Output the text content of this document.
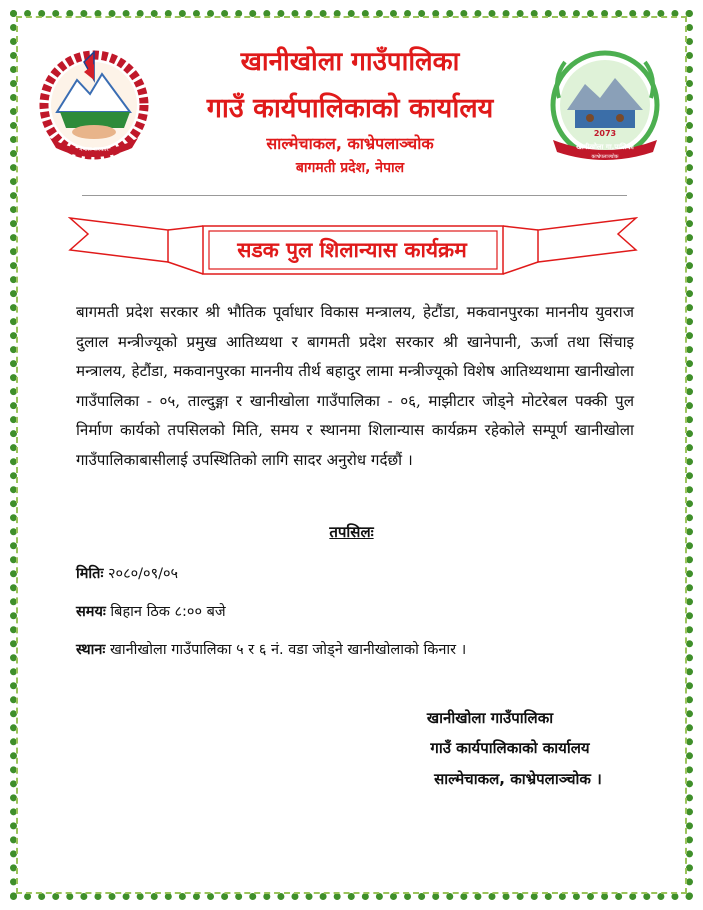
नेपाल सरकार
2073
खानीखोला गा.पालिका
काभ्रेपलाञ्चोक
खानीखोला गाउँपालिका
गाउँ कार्यपालिकाको कार्यालय
साल्मेचाकल, काभ्रेपलाञ्चोक
बागमती प्रदेश, नेपाल
सडक पुल शिलान्यास कार्यक्रम
बागमती प्रदेश सरकार श्री भौतिक पूर्वाधार विकास मन्त्रालय, हेटौंडा, मकवानपुरका माननीय युवराज दुलाल मन्त्रीज्यूको प्रमुख आतिथ्यथा र बागमती प्रदेश सरकार श्री खानेपानी, ऊर्जा तथा सिंचाइ मन्त्रालय, हेटौंडा, मकवानपुरका माननीय तीर्थ बहादुर लामा मन्त्रीज्यूको विशेष आतिथ्यथामा खानीखोला गाउँपालिका - ०५, ताल्दुङ्गा र खानीखोला गाउँपालिका - ०६, माझीटार जोड्ने मोटरेबल पक्की पुल निर्माण कार्यको तपसिलको मिति, समय र स्थानमा शिलान्यास कार्यक्रम रहेकोले सम्पूर्ण खानीखोला गाउँपालिकाबासीलाई उपस्थितिको लागि सादर अनुरोध गर्दछौं ।
तपसिलः
मितिः २०८०/०९/०५
समयः बिहान ठिक ८:०० बजे
स्थानः खानीखोला गाउँपालिका ५ र ६ नं. वडा जोड्ने खानीखोलाको किनार ।
खानीखोला गाउँपालिका
गाउँ कार्यपालिकाको कार्यालय
साल्मेचाकल, काभ्रेपलाञ्चोक ।
